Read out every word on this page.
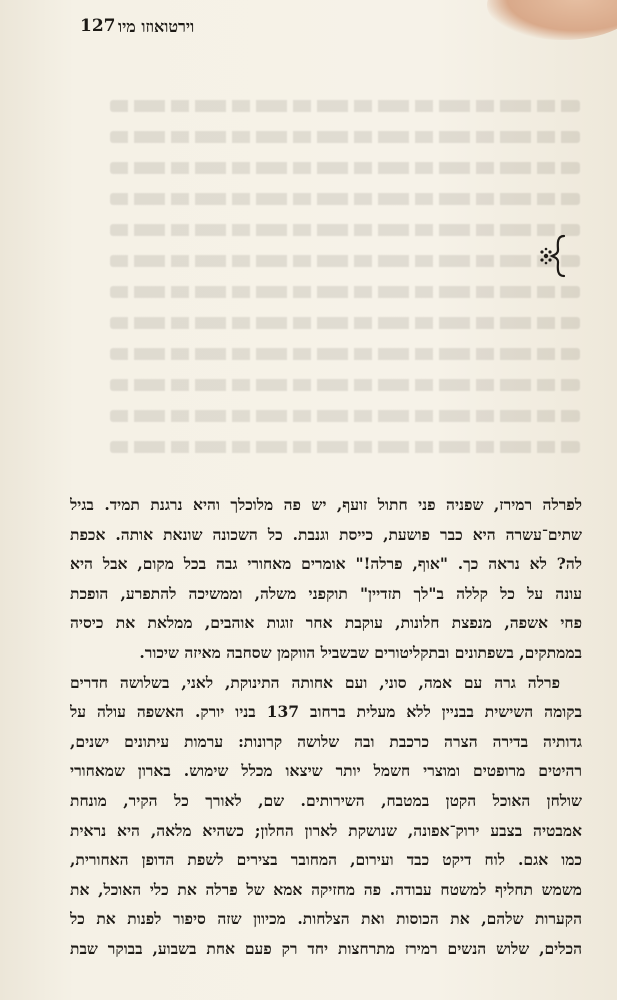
127 וירטואוזו מיו
לפרלה רמירז, שפניה פני חתול זועף, יש פה מלוכלך והיא נרגנת תמיד. בגיל
שתים־עשרה היא כבר פושעת, כייסת וגנבת. כל השכונה שונאת אותה. אכפת
לה? לא נראה כך. "אוף, פרלה!" אומרים מאחורי גבה בכל מקום, אבל היא
עונה על כל קללה ב"לך תזדיין" תוקפני משלה, וממשיכה להתפרע, הופכת
פחי אשפה, מנפצת חלונות, עוקבת אחר זוגות אוהבים, ממלאת את כיסיה
בממתקים, בשפתונים ובתקליטורים שבשביל הווקמן שסחבה מאיזה שיכור.
פרלה גרה עם אמה, סוני, ועם אחותה התינוקת, לאני, בשלושה חדרים
בקומה השישית בבניין ללא מעלית ברחוב 137 בניו יורק. האשפה עולה על
גדותיה בדירה הצרה כרכבת ובה שלושה קרונות: ערמות עיתונים ישנים,
רהיטים מרופטים ומוצרי חשמל יותר שיצאו מכלל שימוש. בארון שמאחורי
שולחן האוכל הקטן במטבח, השירותים. שם, לאורך כל הקיר, מונחת
אמבטיה בצבע ירוק־אפונה, שנושקת לארון החלון; כשהיא מלאה, היא נראית
כמו אגם. לוח דיקט כבד ועירום, המחובר בצירים לשפת הדופן האחורית,
משמש תחליף למשטח עבודה. פה מחזיקה אמא של פרלה את כלי האוכל, את
הקערות שלהם, את הכוסות ואת הצלחות. מכיוון שזה סיפור לפנות את כל
הכלים, שלוש הנשים רמירז מתרחצות יחד רק פעם אחת בשבוע, בבוקר שבת
